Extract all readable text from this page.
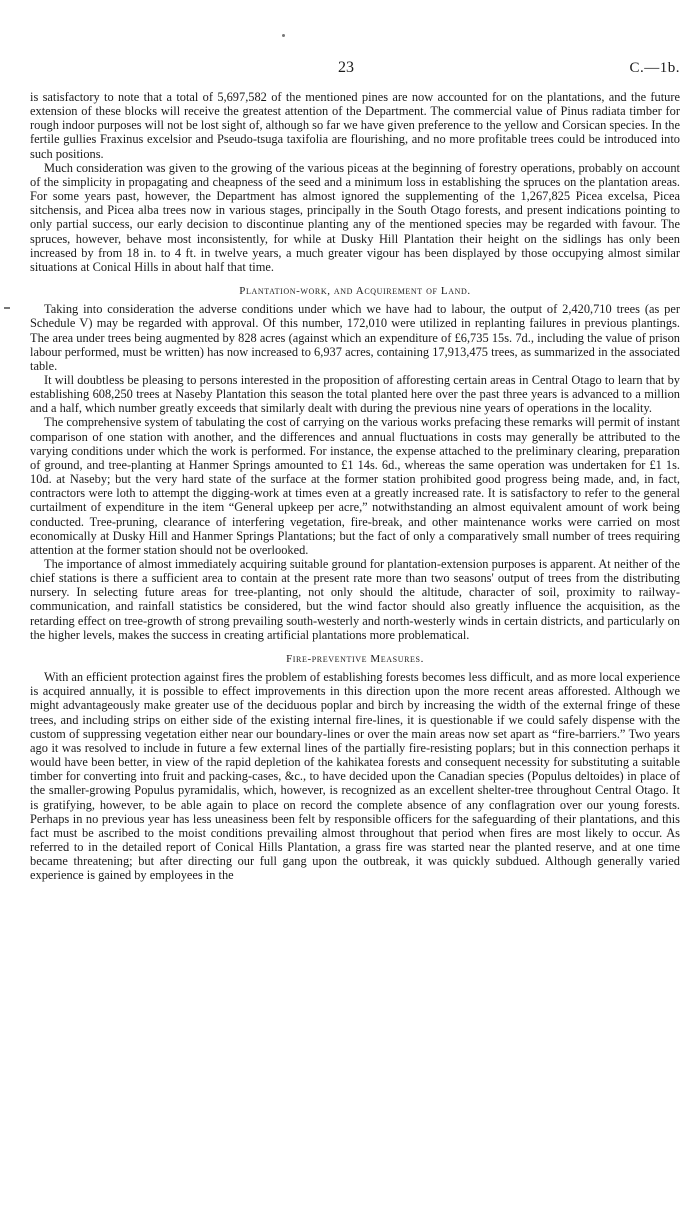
23	C.—1b.

is satisfactory to note that a total of 5,697,582 of the mentioned pines are now accounted for on the plantations, and the future extension of these blocks will receive the greatest attention of the Department. The commercial value of Pinus radiata timber for rough indoor purposes will not be lost sight of, although so far we have given preference to the yellow and Corsican species. In the fertile gullies Fraxinus excelsior and Pseudo-tsuga taxifolia are flourishing, and no more profitable trees could be introduced into such positions.

Much consideration was given to the growing of the various piceas at the beginning of forestry operations, probably on account of the simplicity in propagating and cheapness of the seed and a minimum loss in establishing the spruces on the plantation areas. For some years past, however, the Department has almost ignored the supplementing of the 1,267,825 Picea excelsa, Picea sitchensis, and Picea alba trees now in various stages, principally in the South Otago forests, and present indications pointing to only partial success, our early decision to discontinue planting any of the mentioned species may be regarded with favour. The spruces, however, behave most inconsistently, for while at Dusky Hill Plantation their height on the sidlings has only been increased by from 18 in. to 4 ft. in twelve years, a much greater vigour has been displayed by those occupying almost similar situations at Conical Hills in about half that time.

Plantation-work, and Acquirement of Land.

Taking into consideration the adverse conditions under which we have had to labour, the output of 2,420,710 trees (as per Schedule V) may be regarded with approval. Of this number, 172,010 were utilized in replanting failures in previous plantings. The area under trees being augmented by 828 acres (against which an expenditure of £6,735 15s. 7d., including the value of prison labour performed, must be written) has now increased to 6,937 acres, containing 17,913,475 trees, as summarized in the associated table.

It will doubtless be pleasing to persons interested in the proposition of afforesting certain areas in Central Otago to learn that by establishing 608,250 trees at Naseby Plantation this season the total planted here over the past three years is advanced to a million and a half, which number greatly exceeds that similarly dealt with during the previous nine years of operations in the locality.

The comprehensive system of tabulating the cost of carrying on the various works prefacing these remarks will permit of instant comparison of one station with another, and the differences and annual fluctuations in costs may generally be attributed to the varying conditions under which the work is performed. For instance, the expense attached to the preliminary clearing, preparation of ground, and tree-planting at Hanmer Springs amounted to £1 14s. 6d., whereas the same operation was undertaken for £1 1s. 10d. at Naseby; but the very hard state of the surface at the former station prohibited good progress being made, and, in fact, contractors were loth to attempt the digging-work at times even at a greatly increased rate. It is satisfactory to refer to the general curtailment of expenditure in the item “General upkeep per acre,” notwithstanding an almost equivalent amount of work being conducted. Tree-pruning, clearance of interfering vegetation, fire-break, and other maintenance works were carried on most economically at Dusky Hill and Hanmer Springs Plantations; but the fact of only a comparatively small number of trees requiring attention at the former station should not be overlooked.

The importance of almost immediately acquiring suitable ground for plantation-extension purposes is apparent. At neither of the chief stations is there a sufficient area to contain at the present rate more than two seasons' output of trees from the distributing nursery. In selecting future areas for tree-planting, not only should the altitude, character of soil, proximity to railway-communication, and rainfall statistics be considered, but the wind factor should also greatly influence the acquisition, as the retarding effect on tree-growth of strong prevailing south-westerly and north-westerly winds in certain districts, and particularly on the higher levels, makes the success in creating artificial plantations more problematical.

Fire-preventive Measures.

With an efficient protection against fires the problem of establishing forests becomes less difficult, and as more local experience is acquired annually, it is possible to effect improvements in this direction upon the more recent areas afforested. Although we might advantageously make greater use of the deciduous poplar and birch by increasing the width of the external fringe of these trees, and including strips on either side of the existing internal fire-lines, it is questionable if we could safely dispense with the custom of suppressing vegetation either near our boundary-lines or over the main areas now set apart as “fire-barriers.” Two years ago it was resolved to include in future a few external lines of the partially fire-resisting poplars; but in this connection perhaps it would have been better, in view of the rapid depletion of the kahikatea forests and consequent necessity for substituting a suitable timber for converting into fruit and packing-cases, &c., to have decided upon the Canadian species (Populus deltoides) in place of the smaller-growing Populus pyramidalis, which, however, is recognized as an excellent shelter-tree throughout Central Otago. It is gratifying, however, to be able again to place on record the complete absence of any conflagration over our young forests. Perhaps in no previous year has less uneasiness been felt by responsible officers for the safeguarding of their plantations, and this fact must be ascribed to the moist conditions prevailing almost throughout that period when fires are most likely to occur. As referred to in the detailed report of Conical Hills Plantation, a grass fire was started near the planted reserve, and at one time became threatening; but after directing our full gang upon the outbreak, it was quickly subdued. Although generally varied experience is gained by employees in the
